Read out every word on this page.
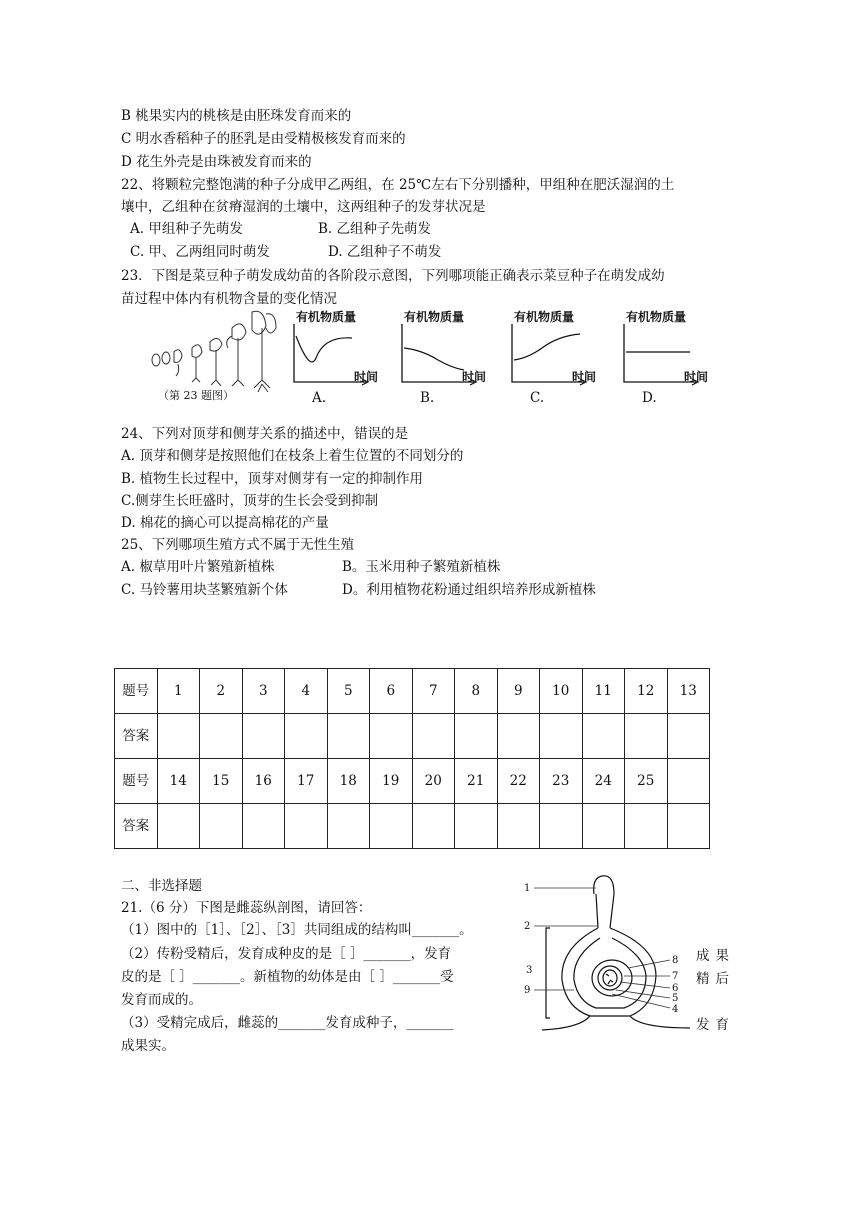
B 桃果实内的桃核是由胚珠发育而来的
C 明水香稻种子的胚乳是由受精极核发育而来的
D 花生外壳是由珠被发育而来的
22、将颗粒完整饱满的种子分成甲乙两组，在 25℃左右下分别播种，甲组种在肥沃湿润的土
壤中，乙组种在贫瘠湿润的土壤中，这两组种子的发芽状况是
A. 甲组种子先萌发	B. 乙组种子先萌发
C. 甲、乙两组同时萌发	D. 乙组种子不萌发
23．下图是菜豆种子萌发成幼苗的各阶段示意图，下列哪项能正确表示菜豆种子在萌发成幼
苗过程中体内有机物含量的变化情况
（第 23 题图）
有机物质量
时间
A.
有机物质量
时间
B.
有机物质量
时间
C.
有机物质量
时间
D.
24、下列对顶芽和侧芽关系的描述中，错误的是
A. 顶芽和侧芽是按照他们在枝条上着生位置的不同划分的
B. 植物生长过程中，顶芽对侧芽有一定的抑制作用
C.侧芽生长旺盛时，顶芽的生长会受到抑制
D. 棉花的摘心可以提高棉花的产量
25、下列哪项生殖方式不属于无性生殖
A. 椒草用叶片繁殖新植株	B。玉米用种子繁殖新植株
C. 马铃薯用块茎繁殖新个体	D。利用植物花粉通过组织培养形成新植株
题号	1	2	3	4	5	6	7	8	9	10	11	12	13
答案													
题号	14	15	16	17	18	19	20	21	22	23	24	25	
答案													
二、非选择题
21.（6 分）下图是雌蕊纵剖图，请回答：
（1）图中的［1］、［2］、［3］共同组成的结构叫_______。
（2）传粉受精后，发育成种皮的是［ ］_______，发育
皮的是［ ］_______。新植物的幼体是由［ ］_______受
发育而成的。
（3）受精完成后，雌蕊的_______发育成种子，_______
成果实。
成果
精后
发育
1
2
3
9
8
7
6
5
4
